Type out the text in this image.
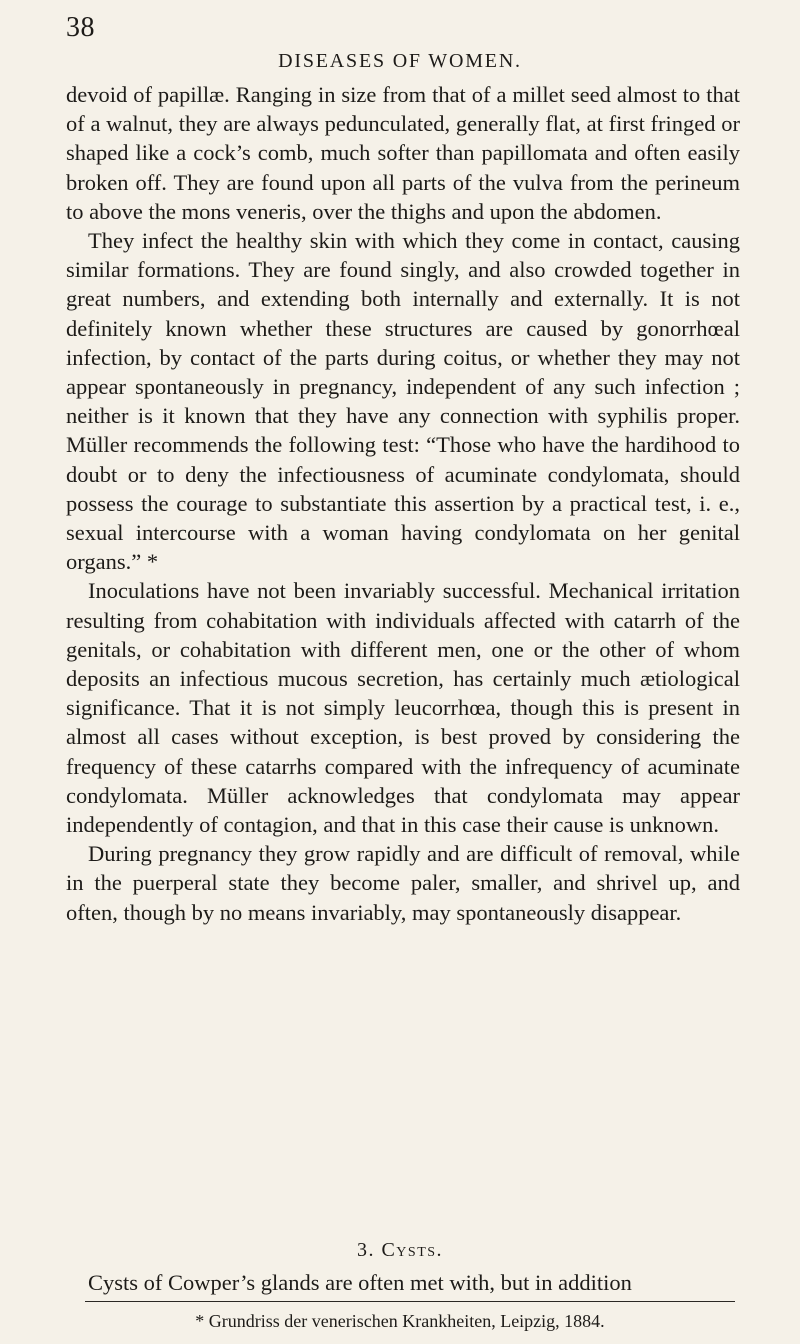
38
DISEASES OF WOMEN.

devoid of papillæ. Ranging in size from that of a millet seed almost to that of a walnut, they are always pedunculated, generally flat, at first fringed or shaped like a cock’s comb, much softer than papillomata and often easily broken off. They are found upon all parts of the vulva from the perineum to above the mons veneris, over the thighs and upon the abdomen.

They infect the healthy skin with which they come in contact, causing similar formations. They are found singly, and also crowded together in great numbers, and extending both internally and externally. It is not definitely known whether these structures are caused by gonorrhœal infection, by contact of the parts during coitus, or whether they may not appear spontaneously in pregnancy, independent of any such infection ; neither is it known that they have any connection with syphilis proper. Müller recommends the following test: “Those who have the hardihood to doubt or to deny the infectiousness of acuminate condylomata, should possess the courage to substantiate this assertion by a practical test, i. e., sexual intercourse with a woman having condylomata on her genital organs.” *

Inoculations have not been invariably successful. Mechanical irritation resulting from cohabitation with individuals affected with catarrh of the genitals, or cohabitation with different men, one or the other of whom deposits an infectious mucous secretion, has certainly much ætiological significance. That it is not simply leucorrhœa, though this is present in almost all cases without exception, is best proved by considering the frequency of these catarrhs compared with the infrequency of acuminate condylomata. Müller acknowledges that condylomata may appear independently of contagion, and that in this case their cause is unknown.

During pregnancy they grow rapidly and are difficult of removal, while in the puerperal state they become paler, smaller, and shrivel up, and often, though by no means invariably, may spontaneously disappear.

3. Cysts.
Cysts of Cowper’s glands are often met with, but in addition
* Grundriss der venerischen Krankheiten, Leipzig, 1884.
